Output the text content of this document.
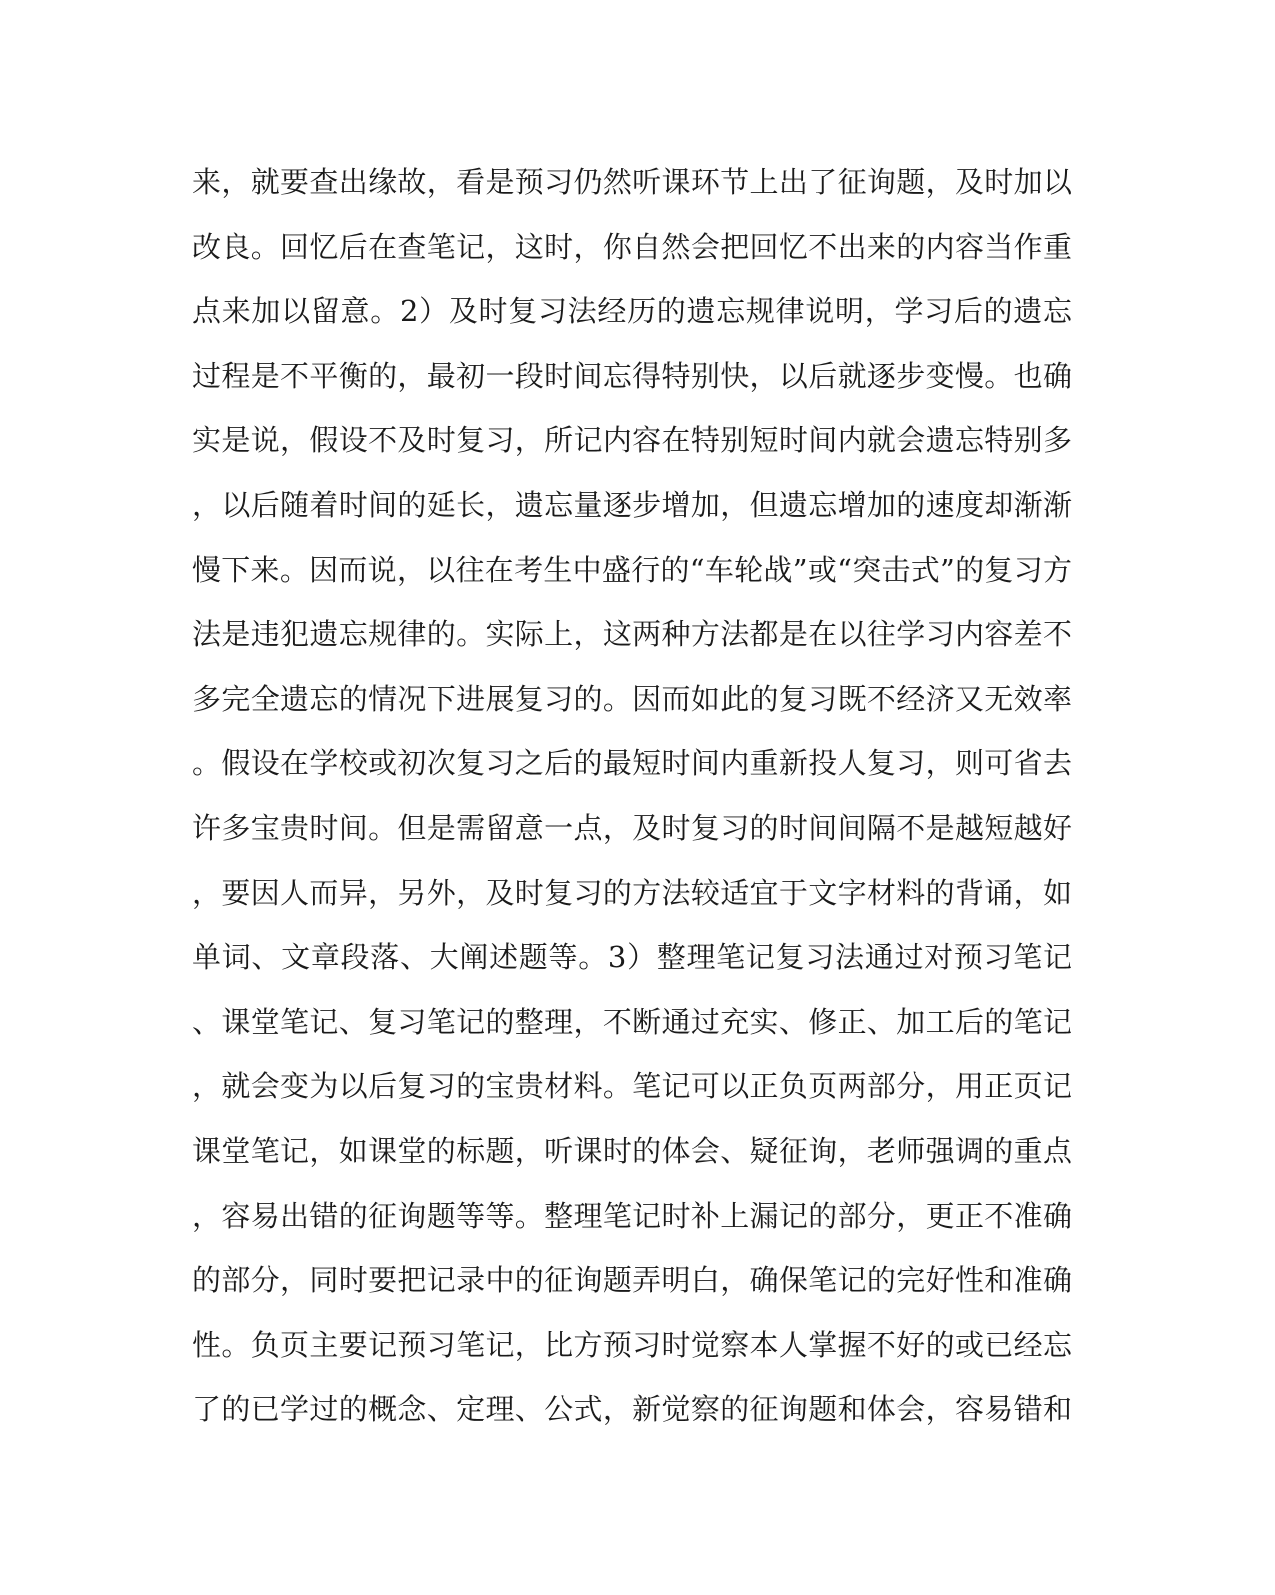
来，就要查出缘故，看是预习仍然听课环节上出了征询题，及时加以
改良。回忆后在查笔记，这时，你自然会把回忆不出来的内容当作重
点来加以留意。2）及时复习法经历的遗忘规律说明，学习后的遗忘
过程是不平衡的，最初一段时间忘得特别快，以后就逐步变慢。也确
实是说，假设不及时复习，所记内容在特别短时间内就会遗忘特别多
，以后随着时间的延长，遗忘量逐步增加，但遗忘增加的速度却渐渐
慢下来。因而说，以往在考生中盛行的“车轮战”或“突击式”的复习方
法是违犯遗忘规律的。实际上，这两种方法都是在以往学习内容差不
多完全遗忘的情况下进展复习的。因而如此的复习既不经济又无效率
。假设在学校或初次复习之后的最短时间内重新投人复习，则可省去
许多宝贵时间。但是需留意一点，及时复习的时间间隔不是越短越好
，要因人而异，另外，及时复习的方法较适宜于文字材料的背诵，如
单词、文章段落、大阐述题等。3）整理笔记复习法通过对预习笔记
、课堂笔记、复习笔记的整理，不断通过充实、修正、加工后的笔记
，就会变为以后复习的宝贵材料。笔记可以正负页两部分，用正页记
课堂笔记，如课堂的标题，听课时的体会、疑征询，老师强调的重点
，容易出错的征询题等等。整理笔记时补上漏记的部分，更正不准确
的部分，同时要把记录中的征询题弄明白，确保笔记的完好性和准确
性。负页主要记预习笔记，比方预习时觉察本人掌握不好的或已经忘
了的已学过的概念、定理、公式，新觉察的征询题和体会，容易错和
